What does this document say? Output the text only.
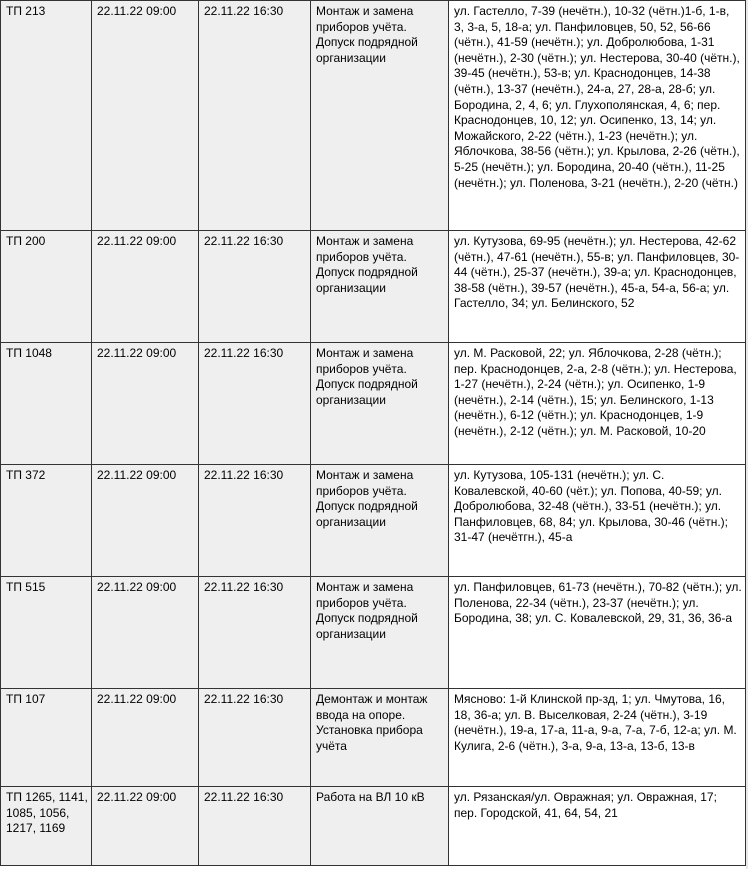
ТП 213	22.11.22 09:00	22.11.22 16:30	Монтаж и замена приборов учёта. Допуск подрядной организации	ул. Гастелло, 7-39 (нечётн.), 10-32 (чётн.)1-б, 1-в, 3, 3-а, 5, 18-а; ул. Панфиловцев, 50, 52, 56-66 (чётн.), 41-59 (нечётн.); ул. Добролюбова, 1-31 (нечётн.), 2-30 (чётн.); ул. Нестерова, 30-40 (чётн.), 39-45 (нечётн.), 53-в; ул. Краснодонцев, 14-38 (чётн.), 13-37 (нечётн.), 24-а, 27, 28-а, 28-б; ул. Бородина, 2, 4, 6; ул. Глухополянская, 4, 6; пер. Краснодонцев, 10, 12; ул. Осипенко, 13, 14; ул. Можайского, 2-22 (чётн.), 1-23 (нечётн.); ул. Яблочкова, 38-56 (чётн.); ул. Крылова, 2-26 (чётн.), 5-25 (нечётн.); ул. Бородина, 20-40 (чётн.), 11-25 (нечётн.); ул. Поленова, 3-21 (нечётн.), 2-20 (чётн.)
ТП 200	22.11.22 09:00	22.11.22 16:30	Монтаж и замена приборов учёта. Допуск подрядной организации	ул. Кутузова, 69-95 (нечётн.); ул. Нестерова, 42-62 (чётн.), 47-61 (нечётн.), 55-в; ул. Панфиловцев, 30-44 (чётн.), 25-37 (нечётн.), 39-а; ул. Краснодонцев, 38-58 (чётн.), 39-57 (нечётн.), 45-а, 54-а, 56-а; ул. Гастелло, 34; ул. Белинского, 52
ТП 1048	22.11.22 09:00	22.11.22 16:30	Монтаж и замена приборов учёта. Допуск подрядной организации	ул. М. Расковой, 22; ул. Яблочкова, 2-28 (чётн.); пер. Краснодонцев, 2-а, 2-8 (чётн.); ул. Нестерова, 1-27 (нечётн.), 2-24 (чётн.); ул. Осипенко, 1-9 (нечётн.), 2-14 (чётн.), 15; ул. Белинского, 1-13 (нечётн.), 6-12 (чётн.); ул. Краснодонцев, 1-9 (нечётн.), 2-12 (чётн.); ул. М. Расковой, 10-20
ТП 372	22.11.22 09:00	22.11.22 16:30	Монтаж и замена приборов учёта. Допуск подрядной организации	ул. Кутузова, 105-131 (нечётн.); ул. С. Ковалевской, 40-60 (чёт.); ул. Попова, 40-59; ул. Добролюбова, 32-48 (чётн.), 33-51 (нечётн.); ул. Панфиловцев, 68, 84; ул. Крылова, 30-46 (чётн.); 31-47 (нечётгн.), 45-а
ТП 515	22.11.22 09:00	22.11.22 16:30	Монтаж и замена приборов учёта. Допуск подрядной организации	ул. Панфиловцев, 61-73 (нечётн.), 70-82 (чётн.); ул. Поленова, 22-34 (чётн.), 23-37 (нечётн.); ул. Бородина, 38; ул. С. Ковалевской, 29, 31, 36, 36-а
ТП 107	22.11.22 09:00	22.11.22 16:30	Демонтаж и монтаж ввода на опоре. Установка прибора учёта	Мясново: 1-й Клинской пр-зд, 1; ул. Чмутова, 16, 18, 36-а; ул. В. Выселковая, 2-24 (чётн.), 3-19 (нечётн.), 19-а, 17-а, 11-а, 9-а, 7-а, 7-б, 12-а; ул. М. Кулига, 2-6 (чётн.), 3-а, 9-а, 13-а, 13-б, 13-в
ТП 1265, 1141, 1085, 1056, 1217, 1169	22.11.22 09:00	22.11.22 16:30	Работа на ВЛ 10 кВ	ул. Рязанская/ул. Овражная; ул. Овражная, 17; пер. Городской, 41, 64, 54, 21
